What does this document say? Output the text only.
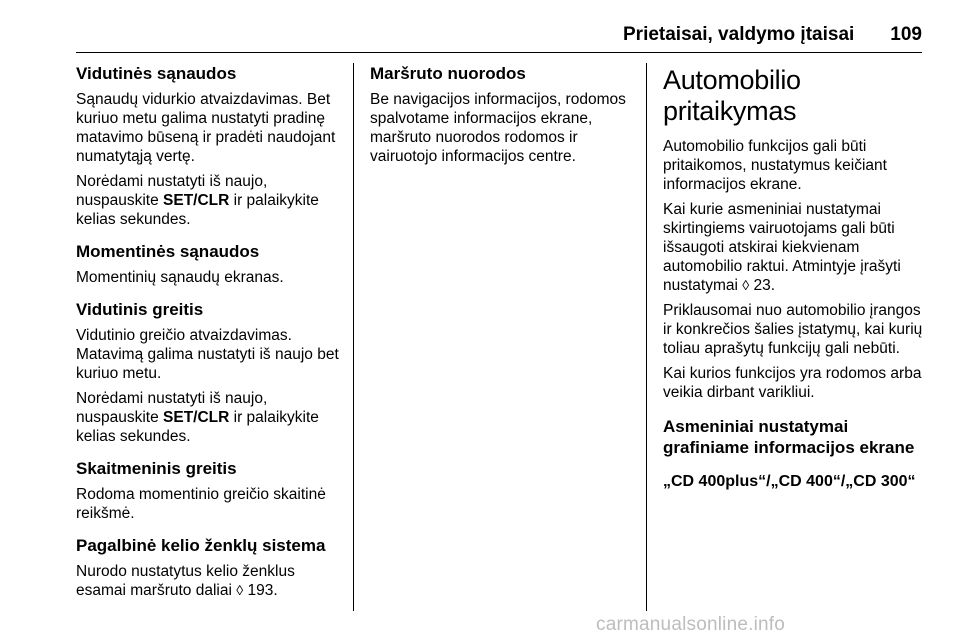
Prietaisai, valdymo įtaisai 109
Vidutinės sąnaudos

Sąnaudų vidurkio atvaizdavimas. Bet kuriuo metu galima nustatyti pradinę matavimo būseną ir pradėti naudojant numatytąją vertę.

Norėdami nustatyti iš naujo, nuspauskite SET/CLR ir palaikykite kelias sekundes.

Momentinės sąnaudos

Momentinių sąnaudų ekranas.

Vidutinis greitis

Vidutinio greičio atvaizdavimas. Matavimą galima nustatyti iš naujo bet kuriuo metu.

Norėdami nustatyti iš naujo, nuspauskite SET/CLR ir palaikykite kelias sekundes.

Skaitmeninis greitis

Rodoma momentinio greičio skaitinė reikšmė.

Pagalbinė kelio ženklų sistema

Nurodo nustatytus kelio ženklus esamai maršruto daliai ◊ 193.

Maršruto nuorodos

Be navigacijos informacijos, rodomos spalvotame informacijos ekrane, maršruto nuorodos rodomos ir vairuotojo informacijos centre.

Automobilio pritaikymas

Automobilio funkcijos gali būti pritaikomos, nustatymus keičiant informacijos ekrane.

Kai kurie asmeniniai nustatymai skirtingiems vairuotojams gali būti išsaugoti atskirai kiekvienam automobilio raktui. Atmintyje įrašyti nustatymai ◊ 23.

Priklausomai nuo automobilio įrangos ir konkrečios šalies įstatymų, kai kurių toliau aprašytų funkcijų gali nebūti.

Kai kurios funkcijos yra rodomos arba veikia dirbant varikliui.

Asmeniniai nustatymai grafiniame informacijos ekrane
„CD 400plus“/„CD 400“/„CD 300“
carmanualsonline.info
